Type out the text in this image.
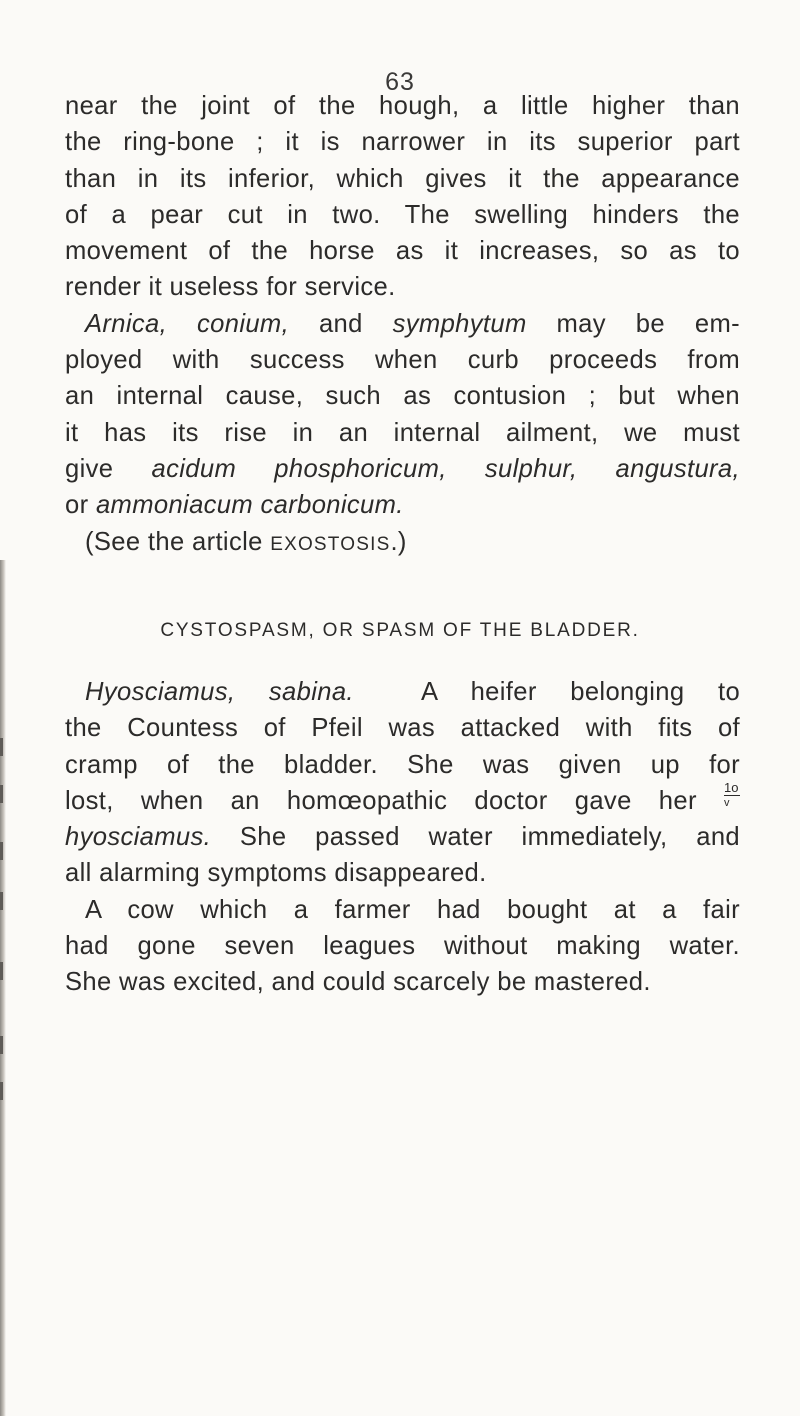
63
near the joint of the hough, a little higher than
the ring-bone ; it is narrower in its superior part
than in its inferior, which gives it the appearance
of a pear cut in two. The swelling hinders the
movement of the horse as it increases, so as to
render it useless for service.
Arnica, conium, and symphytum may be em-
ployed with success when curb proceeds from
an internal cause, such as contusion ; but when
it has its rise in an internal ailment, we must
give acidum phosphoricum, sulphur, angustura,
or ammoniacum carbonicum.
(See the article EXOSTOSIS.)
CYSTOSPASM, OR SPASM OF THE BLADDER.
Hyosciamus, sabina.	A heifer belonging to
the Countess of Pfeil was attacked with fits of
cramp of the bladder. She was given up for
lost, when an homœopathic doctor gave her $\frac{1o}{v}$
hyosciamus. She passed water immediately, and
all alarming symptoms disappeared.
A cow which a farmer had bought at a fair
had gone seven leagues without making water.
She was excited, and could scarcely be mastered.
